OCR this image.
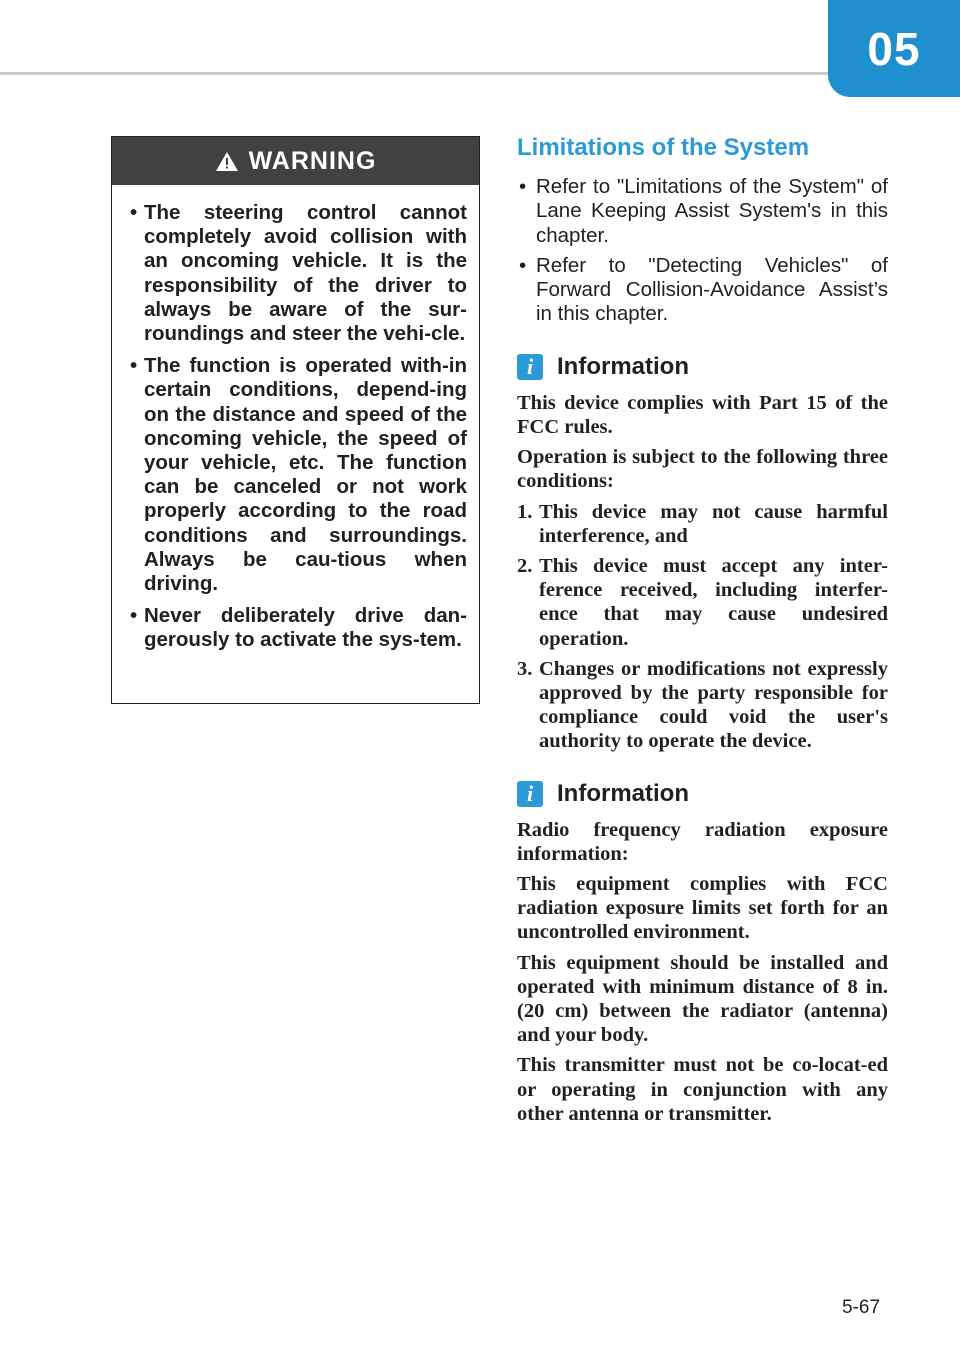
05
WARNING
• The steering control cannot completely avoid collision with an oncoming vehicle. It is the responsibility of the driver to always be aware of the sur-roundings and steer the vehi-cle.
• The function is operated with-in certain conditions, depend-ing on the distance and speed of the oncoming vehicle, the speed of your vehicle, etc. The function can be canceled or not work properly according to the road conditions and surroundings. Always be cau-tious when driving.
• Never deliberately drive dan-gerously to activate the sys-tem.
Limitations of the System
• Refer to "Limitations of the System" of Lane Keeping Assist System's in this chapter.
• Refer to "Detecting Vehicles" of Forward Collision-Avoidance Assist’s in this chapter.
i Information

This device complies with Part 15 of the FCC rules.

Operation is subject to the following three conditions:

1. This device may not cause harmful interference, and
2. This device must accept any inter-ference received, including interfer-ence that may cause undesired operation.
3. Changes or modifications not expressly approved by the party responsible for compliance could void the user's authority to operate the device.
i Information

Radio frequency radiation exposure information:

This equipment complies with FCC radiation exposure limits set forth for an uncontrolled environment.

This equipment should be installed and operated with minimum distance of 8 in. (20 cm) between the radiator (antenna) and your body.

This transmitter must not be co-locat-ed or operating in conjunction with any other antenna or transmitter.

5-67
